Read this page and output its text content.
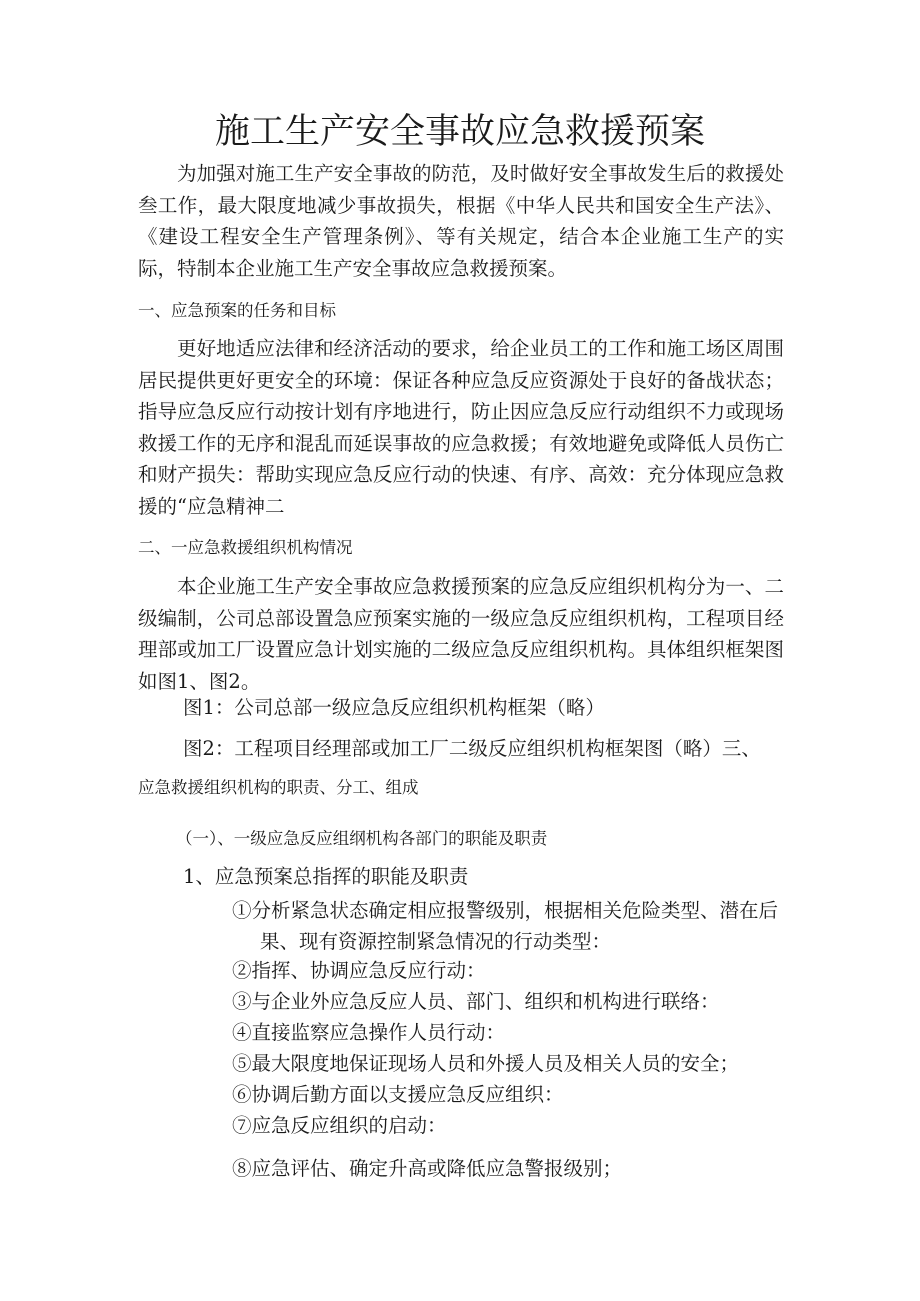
施工生产安全事故应急救援预案

为加强对施工生产安全事故的防范，及时做好安全事故发生后的救援处叁工作，最大限度地减少事故损失，根据《中华人民共和国安全生产法》、《建设工程安全生产管理条例》、等有关规定，结合本企业施工生产的实际，特制本企业施工生产安全事故应急救援预案。

一、应急预案的任务和目标

更好地适应法律和经济活动的要求，给企业员工的工作和施工场区周围居民提供更好更安全的环境：保证各种应急反应资源处于良好的备战状态；指导应急反应行动按计划有序地进行，防止因应急反应行动组织不力或现场救援工作的无序和混乱而延误事故的应急救援；有效地避免或降低人员伤亡和财产损失：帮助实现应急反应行动的快速、有序、高效：充分体现应急救援的“应急精神二

二、一应急救援组织机构情况

本企业施工生产安全事故应急救援预案的应急反应组织机构分为一、二级编制，公司总部设置急应预案实施的一级应急反应组织机构，工程项目经理部或加工厂设置应急计划实施的二级应急反应组织机构。具体组织框架图如图1、图2。

图1：公司总部一级应急反应组织机构框架（略）
图2：工程项目经理部或加工厂二级反应组织机构框架图（略）三、
应急救援组织机构的职责、分工、组成
（一）、一级应急反应组纲机构各部门的职能及职责
1、应急预案总指挥的职能及职责
①分析紧急状态确定相应报警级别，根据相关危险类型、潜在后果、现有资源控制紧急情况的行动类型：
②指挥、协调应急反应行动：
③与企业外应急反应人员、部门、组织和机构进行联络：
④直接监察应急操作人员行动：
⑤最大限度地保证现场人员和外援人员及相关人员的安全；
⑥协调后勤方面以支援应急反应组织：
⑦应急反应组织的启动：
⑧应急评估、确定升高或降低应急警报级别；
